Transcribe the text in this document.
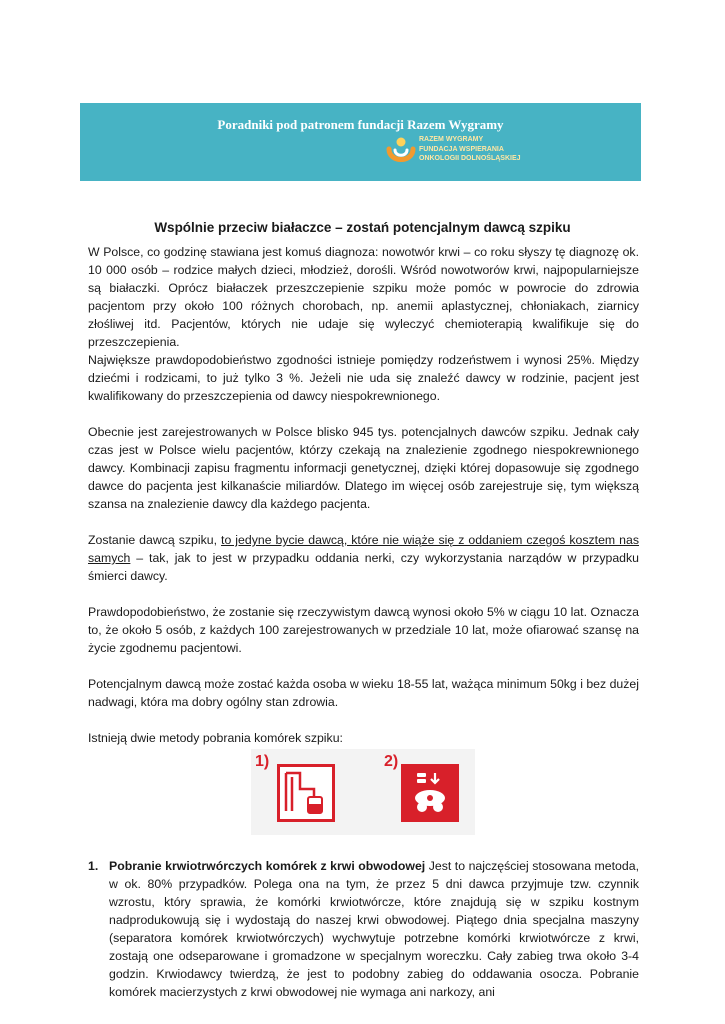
Poradniki pod patronem fundacji Razem Wygramy
RAZEM WYGRAMY
FUNDACJA WSPIERANIA
ONKOLOGII DOLNOŚLĄSKIEJ
Wspólnie przeciw białaczce – zostań potencjalnym dawcą szpiku

W Polsce, co godzinę stawiana jest komuś diagnoza: nowotwór krwi – co roku słyszy tę diagnozę ok. 10 000 osób – rodzice małych dzieci, młodzież, dorośli. Wśród nowotworów krwi, najpopularniejsze są białaczki. Oprócz białaczek przeszczepienie szpiku może pomóc w powrocie do zdrowia pacjentom przy około 100 różnych chorobach, np. anemii aplastycznej, chłoniakach, ziarnicy złośliwej itd. Pacjentów, których nie udaje się wyleczyć chemioterapią kwalifikuje się do przeszczepienia.

Największe prawdopodobieństwo zgodności istnieje pomiędzy rodzeństwem i wynosi 25%. Między dziećmi i rodzicami, to już tylko 3 %. Jeżeli nie uda się znaleźć dawcy w rodzinie, pacjent jest kwalifikowany do przeszczepienia od dawcy niespokrewnionego.

Obecnie jest zarejestrowanych w Polsce blisko 945 tys. potencjalnych dawców szpiku. Jednak cały czas jest w Polsce wielu pacjentów, którzy czekają na znalezienie zgodnego niespokrewnionego dawcy. Kombinacji zapisu fragmentu informacji genetycznej, dzięki której dopasowuje się zgodnego dawce do pacjenta jest kilkanaście miliardów. Dlatego im więcej osób zarejestruje się, tym większą szansa na znalezienie dawcy dla każdego pacjenta.

Zostanie dawcą szpiku, to jedyne bycie dawcą, które nie wiąże się z oddaniem czegoś kosztem nas samych – tak, jak to jest w przypadku oddania nerki, czy wykorzystania narządów w przypadku śmierci dawcy.

Prawdopodobieństwo, że zostanie się rzeczywistym dawcą wynosi około 5% w ciągu 10 lat. Oznacza to, że około 5 osób, z każdych 100 zarejestrowanych w przedziale 10 lat, może ofiarować szansę na życie zgodnemu pacjentowi.

Potencjalnym dawcą może zostać każda osoba w wieku 18-55 lat, ważąca minimum 50kg i bez dużej nadwagi, która ma dobry ogólny stan zdrowia.

Istnieją dwie metody pobrania komórek szpiku:

1)	2)
1. Pobranie krwiotrwórczych komórek z krwi obwodowej Jest to najczęściej stosowana metoda, w ok. 80% przypadków. Polega ona na tym, że przez 5 dni dawca przyjmuje tzw. czynnik wzrostu, który sprawia, że komórki krwiotwórcze, które znajdują się w szpiku kostnym nadprodukowują się i wydostają do naszej krwi obwodowej. Piątego dnia specjalna maszyny (separatora komórek krwiotwórczych) wychwytuje potrzebne komórki krwiotwórcze z krwi, zostają one odseparowane i gromadzone w specjalnym woreczku. Cały zabieg trwa około 3-4 godzin. Krwiodawcy twierdzą, że jest to podobny zabieg do oddawania osocza. Pobranie komórek macierzystych z krwi obwodowej nie wymaga ani narkozy, ani
